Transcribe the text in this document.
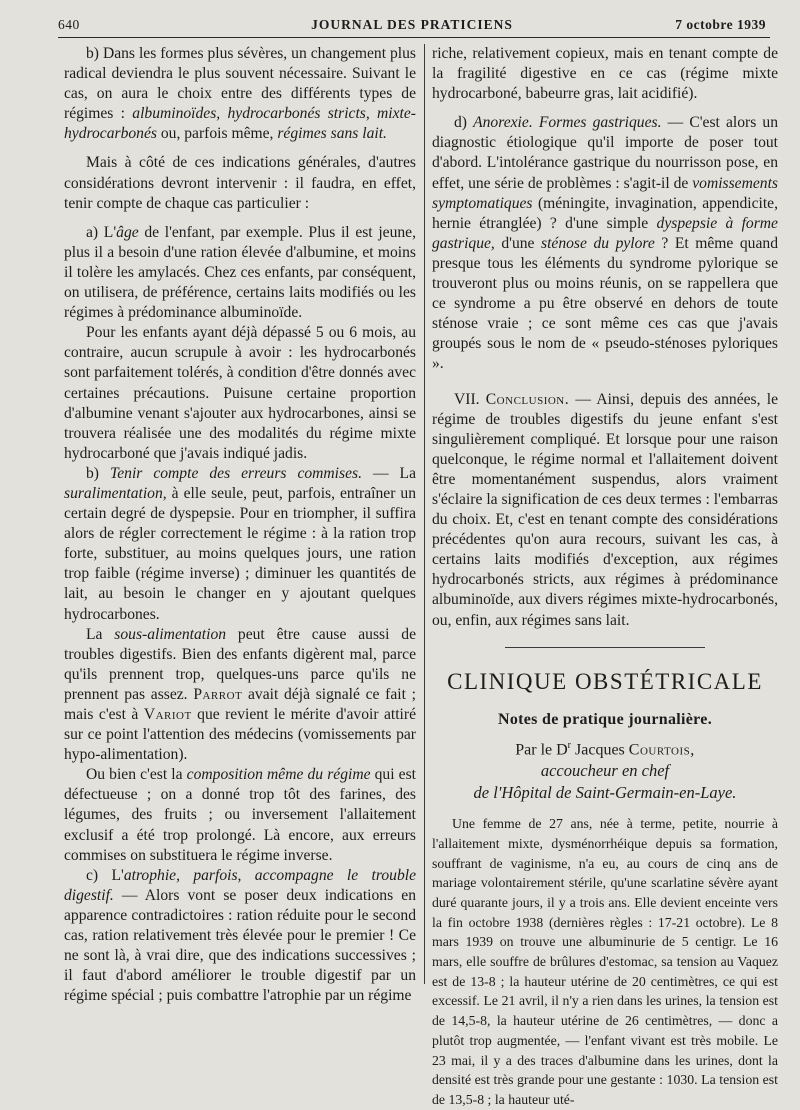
640	JOURNAL DES PRATICIENS	7 octobre 1939

b) Dans les formes plus sévères, un changement plus radical deviendra le plus souvent nécessaire. Suivant le cas, on aura le choix entre des différents types de régimes : albuminoïdes, hydrocarbonés stricts, mixte-hydrocarbonés ou, parfois même, régimes sans lait.

Mais à côté de ces indications générales, d'autres considérations devront intervenir : il faudra, en effet, tenir compte de chaque cas particulier :

a) L'âge de l'enfant, par exemple. Plus il est jeune, plus il a besoin d'une ration élevée d'albumine, et moins il tolère les amylacés. Chez ces enfants, par conséquent, on utilisera, de préférence, certains laits modifiés ou les régimes à prédominance albuminoïde.

Pour les enfants ayant déjà dépassé 5 ou 6 mois, au contraire, aucun scrupule à avoir : les hydrocarbonés sont parfaitement tolérés, à condition d'être donnés avec certaines précautions. Puisune certaine proportion d'albumine venant s'ajouter aux hydrocarbones, ainsi se trouvera réalisée une des modalités du régime mixte hydrocarboné que j'avais indiqué jadis.

b) Tenir compte des erreurs commises. — La suralimentation, à elle seule, peut, parfois, entraîner un certain degré de dyspepsie. Pour en triompher, il suffira alors de régler correctement le régime : à la ration trop forte, substituer, au moins quelques jours, une ration trop faible (régime inverse) ; diminuer les quantités de lait, au besoin le changer en y ajoutant quelques hydrocarbones.

La sous-alimentation peut être cause aussi de troubles digestifs. Bien des enfants digèrent mal, parce qu'ils prennent trop, quelques-uns parce qu'ils ne prennent pas assez. Parrot avait déjà signalé ce fait ; mais c'est à Variot que revient le mérite d'avoir attiré sur ce point l'attention des médecins (vomissements par hypo-alimentation).

Ou bien c'est la composition même du régime qui est défectueuse ; on a donné trop tôt des farines, des légumes, des fruits ; ou inversement l'allaitement exclusif a été trop prolongé. Là encore, aux erreurs commises on substituera le régime inverse.

c) L'atrophie, parfois, accompagne le trouble digestif. — Alors vont se poser deux indications en apparence contradictoires : ration réduite pour le second cas, ration relativement très élevée pour le premier ! Ce ne sont là, à vrai dire, que des indications successives ; il faut d'abord améliorer le trouble digestif par un régime spécial ; puis combattre l'atrophie par un régime

riche, relativement copieux, mais en tenant compte de la fragilité digestive en ce cas (régime mixte hydrocarboné, babeurre gras, lait acidifié).

d) Anorexie. Formes gastriques. — C'est alors un diagnostic étiologique qu'il importe de poser tout d'abord. L'intolérance gastrique du nourrisson pose, en effet, une série de problèmes : s'agit-il de vomissements symptomatiques (méningite, invagination, appendicite, hernie étranglée) ? d'une simple dyspepsie à forme gastrique, d'une sténose du pylore ? Et même quand presque tous les éléments du syndrome pylorique se trouveront plus ou moins réunis, on se rappellera que ce syndrome a pu être observé en dehors de toute sténose vraie ; ce sont même ces cas que j'avais groupés sous le nom de « pseudo-sténoses pyloriques ».

VII. Conclusion. — Ainsi, depuis des années, le régime de troubles digestifs du jeune enfant s'est singulièrement compliqué. Et lorsque pour une raison quelconque, le régime normal et l'allaitement doivent être momentanément suspendus, alors vraiment s'éclaire la signification de ces deux termes : l'embarras du choix. Et, c'est en tenant compte des considérations précédentes qu'on aura recours, suivant les cas, à certains laits modifiés d'exception, aux régimes hydrocarbonés stricts, aux régimes à prédominance albuminoïde, aux divers régimes mixte-hydrocarbonés, ou, enfin, aux régimes sans lait.

CLINIQUE OBSTÉTRICALE
Notes de pratique journalière.
Par le $D^r$ Jacques Courtois,
accoucheur en chef
de l'Hôpital de Saint-Germain-en-Laye.

Une femme de 27 ans, née à terme, petite, nourrie à l'allaitement mixte, dysménorrhéique depuis sa formation, souffrant de vaginisme, n'a eu, au cours de cinq ans de mariage volontairement stérile, qu'une scarlatine sévère ayant duré quarante jours, il y a trois ans. Elle devient enceinte vers la fin octobre 1938 (dernières règles : 17-21 octobre). Le 8 mars 1939 on trouve une albuminurie de 5 centigr. Le 16 mars, elle souffre de brûlures d'estomac, sa tension au Vaquez est de 13-8 ; la hauteur utérine de 20 centimètres, ce qui est excessif. Le 21 avril, il n'y a rien dans les urines, la tension est de 14,5-8, la hauteur utérine de 26 centimètres, — donc a plutôt trop augmentée, — l'enfant vivant est très mobile. Le 23 mai, il y a des traces d'albumine dans les urines, dont la densité est très grande pour une gestante : 1030. La tension est de 13,5-8 ; la hauteur uté-
